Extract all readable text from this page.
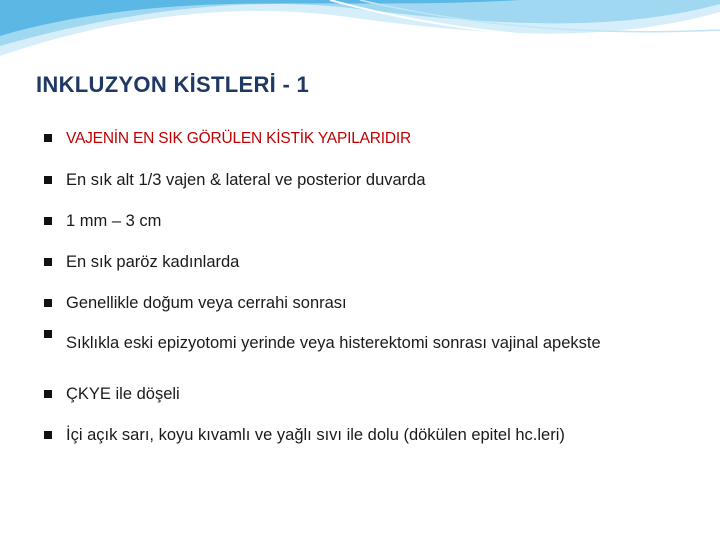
INKLUZYON KİSTLERİ - 1
VAJENİN EN SIK GÖRÜLEN KİSTİK YAPILARIDIR
En sık alt 1/3 vajen & lateral ve posterior duvarda
1 mm – 3 cm
En sık paröz kadınlarda
Genellikle doğum veya cerrahi sonrası
Sıklıkla eski epizyotomi yerinde veya histerektomi sonrası vajinal apekste
ÇKYE ile döşeli
İçi açık sarı, koyu kıvamlı ve yağlı sıvı ile dolu (dökülen epitel hc.leri)
